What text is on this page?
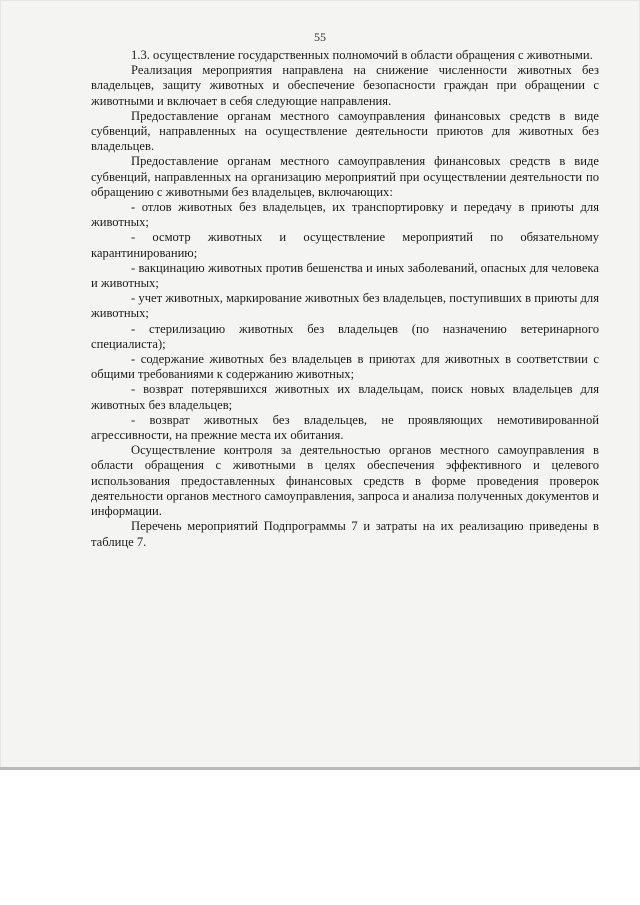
55

1.3. осуществление государственных полномочий в области обращения с животными.

Реализация мероприятия направлена на снижение численности животных без владельцев, защиту животных и обеспечение безопасности граждан при обращении с животными и включает в себя следующие направления.

Предоставление органам местного самоуправления финансовых средств в виде субвенций, направленных на осуществление деятельности приютов для животных без владельцев.

Предоставление органам местного самоуправления финансовых средств в виде субвенций, направленных на организацию мероприятий при осуществлении деятельности по обращению с животными без владельцев, включающих:

- отлов животных без владельцев, их транспортировку и передачу в приюты для животных;

- осмотр животных и осуществление мероприятий по обязательному карантинированию;

- вакцинацию животных против бешенства и иных заболеваний, опасных для человека и животных;

- учет животных, маркирование животных без владельцев, поступивших в приюты для животных;

- стерилизацию животных без владельцев (по назначению ветеринарного специалиста);

- содержание животных без владельцев в приютах для животных в соответствии с общими требованиями к содержанию животных;

- возврат потерявшихся животных их владельцам, поиск новых владельцев для животных без владельцев;

- возврат животных без владельцев, не проявляющих немотивированной агрессивности, на прежние места их обитания.

Осуществление контроля за деятельностью органов местного самоуправления в области обращения с животными в целях обеспечения эффективного и целевого использования предоставленных финансовых средств в форме проведения проверок деятельности органов местного самоуправления, запроса и анализа полученных документов и информации.

Перечень мероприятий Подпрограммы 7 и затраты на их реализацию приведены в таблице 7.
